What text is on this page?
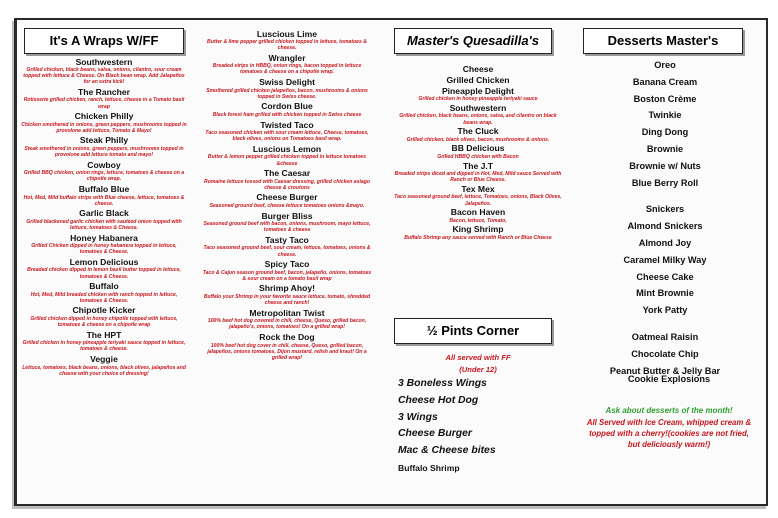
It's A Wraps W/FF	Master's Quesadilla's	Desserts Master's
½ Pints Corner
Southwestern
Grilled chicken, black beans, salsa, onions, cilantro, sour cream topped with lettuce & Cheese. On Black bean wrap. Add Jalapeños for an extra kick!
The Rancher
Rotisserie grilled chicken, ranch, lettuce, cheese in a Tomato basil wrap
Chicken Philly
Chicken smothered in onions, green peppers, mushrooms topped in provolone add lettuce, Tomato & Mayo!
Steak Philly
Steak smothered in onions, green peppers, mushrooms topped in provolone add lettuce tomato and mayo!
Cowboy
Grilled BBQ chicken, onion rings, lettuce, tomatoes & cheese on a chipotle wrap.
Buffalo Blue
Hot, Med, Mild buffalo strips with Blue cheese, lettuce, tomatoes & cheese.
Garlic Black
Grilled blackened garlic chicken with sautéed onion topped with lettuce, tomatoes & Cheese.
Honey Habanera
Grilled Chicken dipped in honey habanera topped in lettuce, tomatoes & Cheese.
Lemon Delicious
Breaded chicken dipped in lemon basil butter topped in lettuce, tomatoes & Cheese.
Buffalo
Hot, Med, Mild breaded chicken with ranch topped in lettuce, tomatoes & Cheese.
Chipotle Kicker
Grilled chicken dipped in honey chipotle topped with lettuce, tomatoes & cheese on a chipotle wrap
The HPT
Grilled chicken in honey pineapple teriyaki sauce topped in lettuce, tomatoes & cheese.
Veggie
Lettuce, tomatoes, black beans, onions, black olives, jalapeños and cheese with your choice of dressing!
Luscious Lime
Butter & lime pepper grilled chicken topped in lettuce, tomatoes & cheese.
Wrangler
Breaded strips in HBBQ, onion rings, bacon topped in lettuce tomatoes & cheese on a chipotle wrap.
Swiss Delight
Smothered grilled chicken jalapeños, bacon, mushrooms & onions topped in Swiss cheese.
Cordon Blue
Black forest ham grilled with chicken topped in Swiss cheese
Twisted Taco
Taco seasoned chicken with sour cream lettuce, Cheese, tomatoes, black olives, onions on Tomatoes basil wrap.
Luscious Lemon
Butter & lemon pepper grilled chicken topped in lettuce tomatoes &cheese
The Caesar
Romaine lettuce tossed with Caesar dressing, grilled chicken asiago cheese & croutons
Cheese Burger
Seasoned ground beef, cheese lettuce tomatoes onions &mayo.
Burger Bliss
Seasoned ground beef with bacon, onions, mushroom, mayo lettuce, tomatoes & cheese
Tasty Taco
Taco seasoned ground beef, sour cream, lettuce, tomatoes, onions & cheese.
Spicy Taco
Taco & Cajun season ground beef, bacon, jalapeño, onions, tomatoes & sour cream on a tomato basil wrap
Shrimp Ahoy!
Buffalo your Shrimp in your favorite sauce lettuce, tomato, shredded cheese and ranch!
Metropolitan Twist
100% beef hot dog covered in chili, cheese, Queso, grilled bacon, jalapeño's, onions, tomatoes! On a grilled wrap!
Rock the Dog
100% beef hot dog cover in chili, cheese, Queso, grilled bacon, jalapeños, onions tomatoes, Dijon mustard, relish and kraut! On a grilled wrap!
Cheese
Grilled Chicken
Pineapple Delight
Grilled chicken in honey pineapple teriyaki sauce
Southwestern
Grilled chicken, black beans, onions, salsa, and cilantro on black beans wrap.
The Cluck
Grilled chicken, black olives, bacon, mushrooms & onions.
BB Delicious
Grilled HBBQ chicken with Bacon
The J.T
Breaded strips diced and dipped in Hot, Med, Mild sauce Served with Ranch or Blue Cheese.
Tex Mex
Taco seasoned ground beef, lettuce, Tomatoes, onions, Black Olives, Jalapeños.
Bacon Haven
Bacon, lettuce, Tomato,
King Shrimp
Buffalo Shrimp any sauce served with Ranch or Blue Cheese
All served with FF
(Under 12)
3 Boneless Wings
Cheese Hot Dog
3 Wings
Cheese Burger
Mac & Cheese bites
Buffalo Shrimp
Oreo
Banana Cream
Boston Crème
Twinkie
Ding Dong
Brownie
Brownie w/ Nuts
Blue Berry Roll
Snickers
Almond Snickers
Almond Joy
Caramel Milky Way
Cheese Cake
Mint Brownie
York Patty
Oatmeal Raisin
Chocolate Chip
Peanut Butter & Jelly Bar
Cookie Explosions
Ask about desserts of the month!
All Served with Ice Cream, whipped cream & topped with a cherry!(cookies are not fried, but deliciously warm!)
